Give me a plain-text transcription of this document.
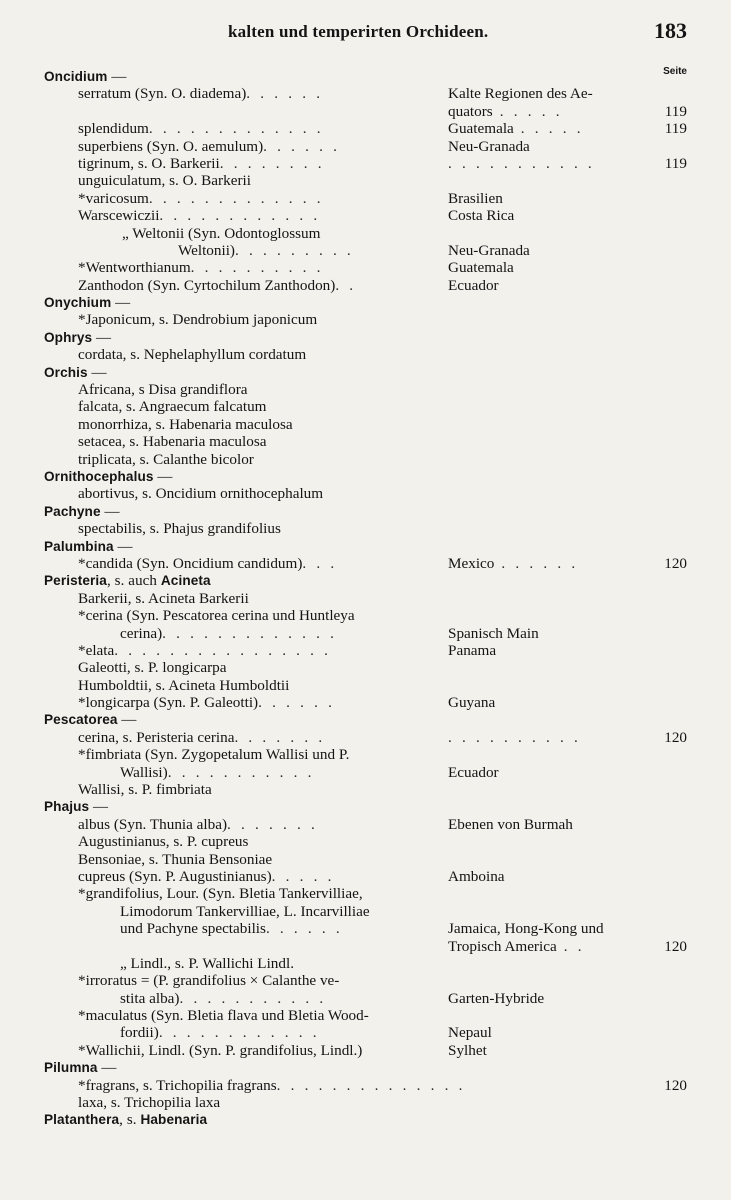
kalten und temperirten Orchideen.	183
Seite
Oncidium —
serratum (Syn. O. diadema) . . . . . .	Kalte Regionen des Ae-
quators . . . . .	119
splendidum . . . . . . . . . . . . .	Guatemala . . . . .	119
superbiens (Syn. O. aemulum) . . . . . .	Neu-Granada
tigrinum, s. O. Barkerii . . . . . . . .	. . . . . . . . . . .	119
unguiculatum, s. O. Barkerii
*varicosum . . . . . . . . . . . . .	Brasilien
Warscewiczii . . . . . . . . . . . .	Costa Rica
„ Weltonii (Syn. Odontoglossum
Weltonii) . . . . . . . . .	Neu-Granada
*Wentworthianum . . . . . . . . . .	Guatemala
Zanthodon (Syn. Cyrtochilum Zanthodon) . .	Ecuador
Onychium —
*Japonicum, s. Dendrobium japonicum
Ophrys —
cordata, s. Nephelaphyllum cordatum
Orchis —
Africana, s Disa grandiflora
falcata, s. Angraecum falcatum
monorrhiza, s. Habenaria maculosa
setacea, s. Habenaria maculosa
triplicata, s. Calanthe bicolor
Ornithocephalus —
abortivus, s. Oncidium ornithocephalum
Pachyne —
spectabilis, s. Phajus grandifolius
Palumbina —
*candida (Syn. Oncidium candidum) . . .	Mexico . . . . . .	120
Peristeria, s. auch Acineta
Barkerii, s. Acineta Barkerii
*cerina (Syn. Pescatorea cerina und Huntleya
cerina) . . . . . . . . . . . . .	Spanisch Main
*elata . . . . . . . . . . . . . . . .	Panama
Galeotti, s. P. longicarpa
Humboldtii, s. Acineta Humboldtii
*longicarpa (Syn. P. Galeotti) . . . . . .	Guyana
Pescatorea —
cerina, s. Peristeria cerina . . . . . . .	. . . . . . . . . .	120
*fimbriata (Syn. Zygopetalum Wallisi und P.
Wallisi) . . . . . . . . . . .	Ecuador
Wallisi, s. P. fimbriata
Phajus —
albus (Syn. Thunia alba) . . . . . . .	Ebenen von Burmah
Augustinianus, s. P. cupreus
Bensoniae, s. Thunia Bensoniae
cupreus (Syn. P. Augustinianus) . . . . .	Amboina
*grandifolius, Lour. (Syn. Bletia Tankervilliae,
Limodorum Tankervilliae, L. Incarvilliae
und Pachyne spectabilis . . . . . .	Jamaica, Hong-Kong und
Tropisch America . .	120
„ Lindl., s. P. Wallichi Lindl.
*irroratus = (P. grandifolius × Calanthe ve-
stita alba) . . . . . . . . . . .	Garten-Hybride
*maculatus (Syn. Bletia flava und Bletia Wood-
fordii) . . . . . . . . . . . .	Nepaul
*Wallichii, Lindl. (Syn. P. grandifolius, Lindl.)	Sylhet
Pilumna —
*fragrans, s. Trichopilia fragrans . . . . . . . . . . . . . .	120
laxa, s. Trichopilia laxa
Platanthera, s. Habenaria
